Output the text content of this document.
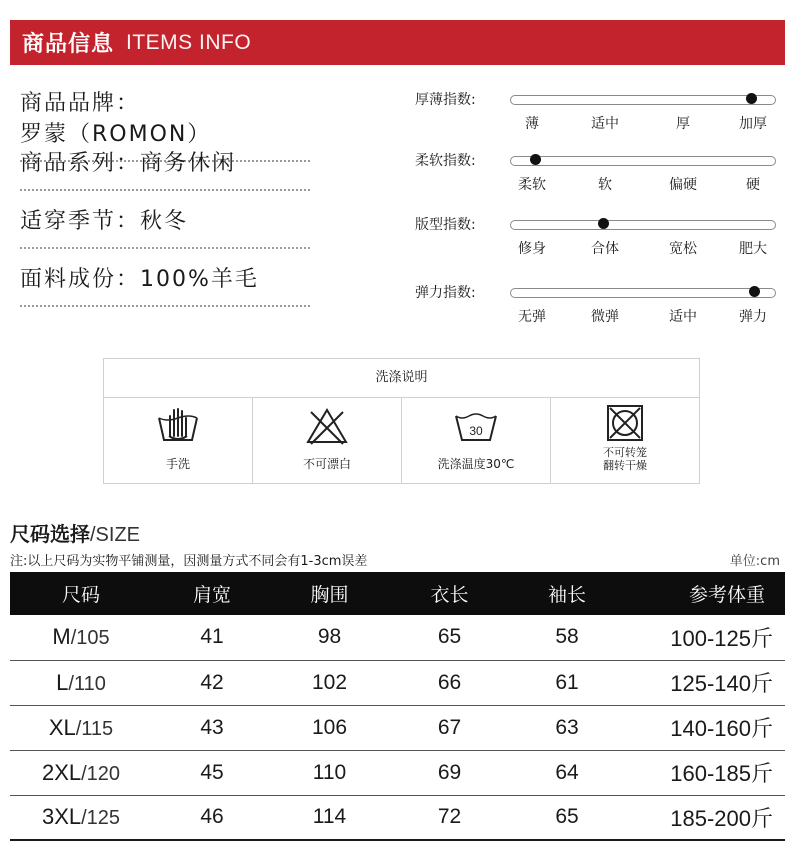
商品信息 ITEMS INFO
商品品牌：罗蒙（ROMON）
商品系列：商务休闲
适穿季节：秋冬
面料成份：100%羊毛
厚薄指数:
薄	适中	厚	加厚
柔软指数:
柔软	软	偏硬	硬
版型指数:
修身	合体	宽松	肥大
弹力指数:
无弹	微弹	适中	弹力
洗涤说明
手洗	不可漂白
30
洗涤温度30℃
不可转笼
翻转干燥
尺码选择/SIZE
注:以上尺码为实物平铺测量，因测量方式不同会有1-3cm误差	单位:cm
尺码	肩宽	胸围	衣长	袖长	参考体重
M/105	41	98	65	58	100-125斤
L/110	42	102	66	61	125-140斤
XL/115	43	106	67	63	140-160斤
2XL/120	45	110	69	64	160-185斤
3XL/125	46	114	72	65	185-200斤
